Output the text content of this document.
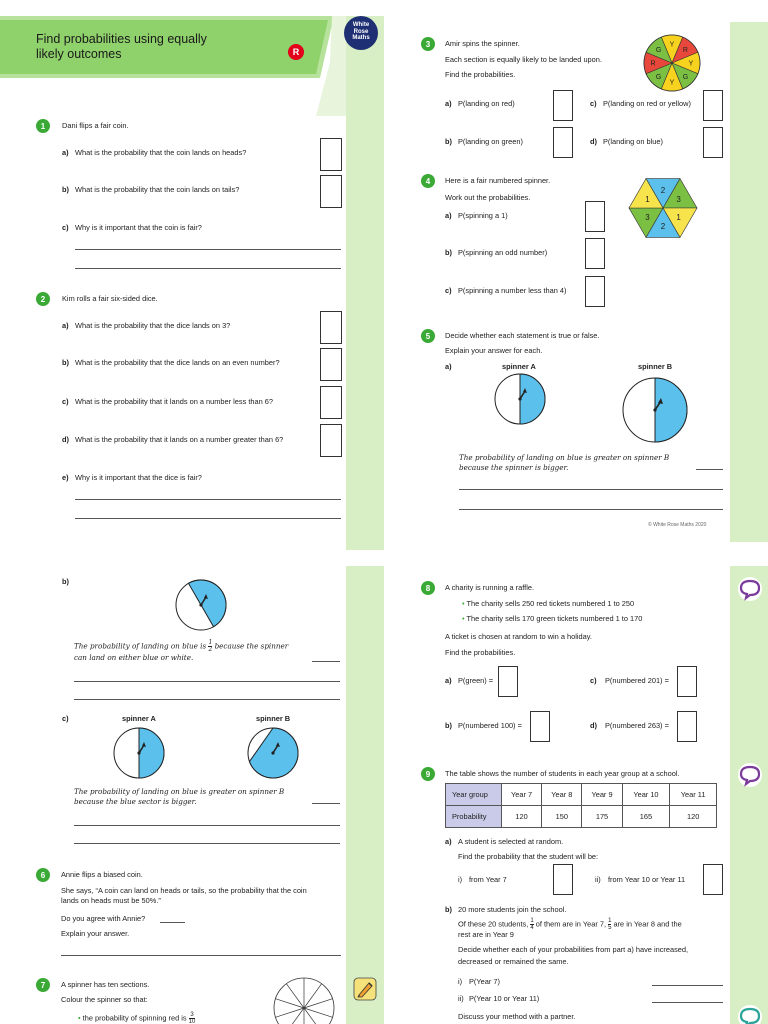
Find probabilities using equally
likely outcomes	R
White
Rose
Maths
1	Dani flips a fair coin.
a) What is the probability that the coin lands on heads?
b) What is the probability that the coin lands on tails?
c) Why is it important that the coin is fair?
2	Kim rolls a fair six-sided dice.
a) What is the probability that the dice lands on 3?
b) What is the probability that the dice lands on an even number?
c) What is the probability that it lands on a number less than 6?
d) What is the probability that it lands on a number greater than 6?
e) Why is it important that the dice is fair?
3	Amir spins the spinner.
Each section is equally likely to be landed upon.
Find the probabilities.
Y
R
Y
G
Y
G
R
G
a) P(landing on red)	c) P(landing on red or yellow)
b) P(landing on green)	d) P(landing on blue)
4	Here is a fair numbered spinner.
Work out the probabilities.
2
3
1
2
3
1
a) P(spinning a 1)
b) P(spinning an odd number)
c) P(spinning a number less than 4)
5	Decide whether each statement is true or false.
Explain your answer for each.
a)	spinner A	spinner B
The probability of landing on blue is greater on spinner B
because the spinner is bigger.
© White Rose Maths 2020
b)
The probability of landing on blue is $\frac{1}{2}$ because the spinner
can land on either blue or white.
c)	spinner A	spinner B
The probability of landing on blue is greater on spinner B
because the blue sector is bigger.
6	Annie flips a biased coin.
She says, “A coin can land on heads or tails, so the probability that the coin
lands on heads must be 50%.”
Do you agree with Annie?
Explain your answer.
7	A spinner has ten sections.
Colour the spinner so that:
• the probability of spinning red is $\frac{3}{10}$
8	A charity is running a raffle.
• The charity sells 250 red tickets numbered 1 to 250
• The charity sells 170 green tickets numbered 1 to 170
A ticket is chosen at random to win a holiday.
Find the probabilities.
a) P(green) =	c) P(numbered 201) =
b) P(numbered 100) =	d) P(numbered 263) =
9	The table shows the number of students in each year group at a school.
Year group	Year 7	Year 8	Year 9	Year 10	Year 11
Probability	120	150	175	165	120
a) A student is selected at random.
Find the probability that the student will be:
i) from Year 7	ii) from Year 10 or Year 11
b) 20 more students join the school.
Of these 20 students, $\frac{1}{4}$ of them are in Year 7, $\frac{1}{5}$ are in Year 8 and the
rest are in Year 9
Decide whether each of your probabilities from part a) have increased,
decreased or remained the same.
i) P(Year 7)
ii) P(Year 10 or Year 11)
Discuss your method with a partner.
